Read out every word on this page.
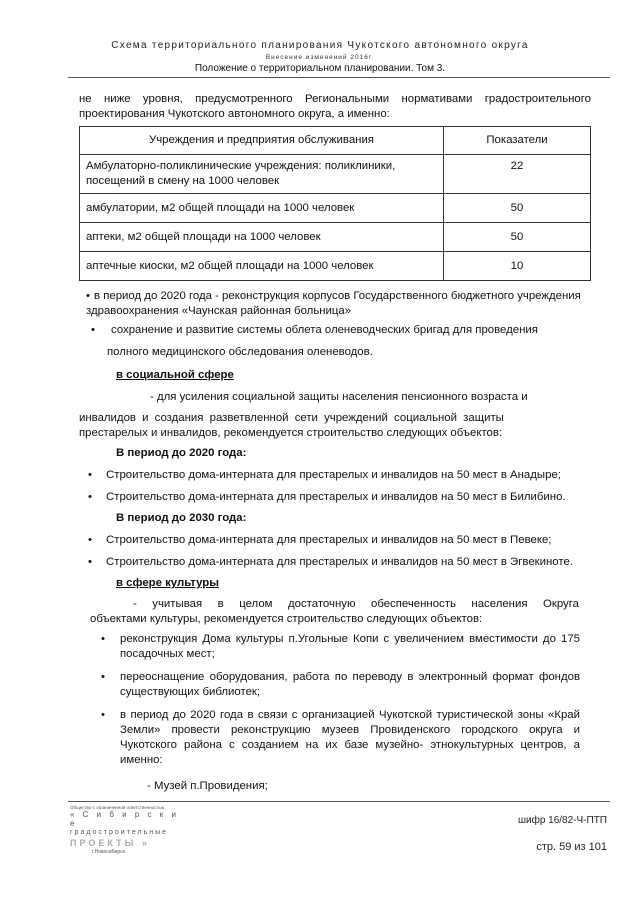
Схема территориального планирования Чукотского автономного округа
Внесение изменений 2016г.
Положение о территориальном планировании. Том 3.

не ниже уровня, предусмотренного Региональными нормативами градостроительного

проектирования Чукотского автономного округа, а именно:

Учреждения и предприятия обслуживания	Показатели
Амбулаторно-поликлинические учреждения: поликлиники, посещений в смену на 1000 человек	22
амбулатории, м2 общей площади на 1000 человек	50
аптеки, м2 общей площади на 1000 человек	50
аптечные киоски, м2 общей площади на 1000 человек	10
• в период до 2020 года - реконструкция корпусов Государственного бюджетного учреждения
здравоохранения «Чаунская районная больница»
• сохранение и развитие системы облета оленеводческих бригад для проведения
полного медицинского обследования оленеводов.
в социальной сфере
- для усиления социальной защиты населения пенсионного возраста и
инвалидов и создания разветвленной сети учреждений социальной защиты
престарелых и инвалидов, рекомендуется строительство следующих объектов:
В период до 2020 года:
• Строительство дома-интерната для престарелых и инвалидов на 50 мест в Анадыре;
• Строительство дома-интерната для престарелых и инвалидов на 50 мест в Билибино.
В период до 2030 года:
• Строительство дома-интерната для престарелых и инвалидов на 50 мест в Певеке;
• Строительство дома-интерната для престарелых и инвалидов на 50 мест в Эгвекиноте.
в сфере культуры
- учитывая в целом достаточную обеспеченность населения Округа
объектами культуры, рекомендуется строительство следующих объектов:
• реконструкция Дома культуры п.Угольные Копи с увеличением вместимости до 175 посадочных мест;
• переоснащение оборудования, работа по переводу в электронный формат фондов существующих библиотек;
• в период до 2020 года в связи с организацией Чукотской туристической зоны «Край Земли» провести реконструкцию музеев Провиденского городского округа и Чукотского района с созданием на их базе музейно- этнокультурных центров, а именно:
- Музей п.Провидения;
Общество с ограниченной ответственностью
« С и б и р с к и е
градостроительные
ПРОЕКТЫ »
г.Новосибирск
шифр 16/82-Ч-ПТП
стр. 59 из 101
